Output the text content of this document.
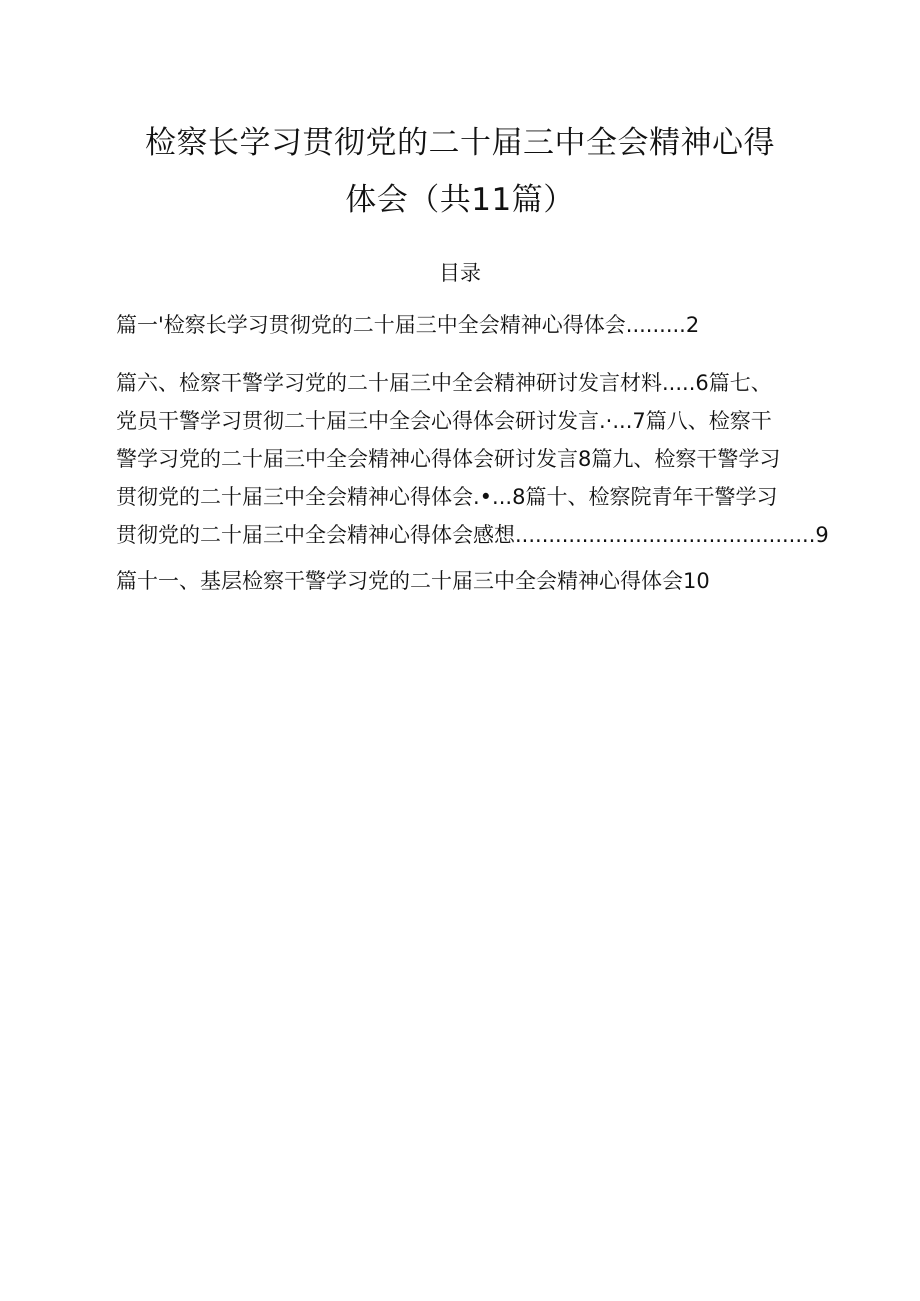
检察长学习贯彻党的二十届三中全会精神心得
体会（共11篇）
目录
篇一'检察长学习贯彻党的二十届三中全会精神心得体会.........2
篇六、检察干警学习党的二十届三中全会精神研讨发言材料.....6篇七、
党员干警学习贯彻二十届三中全会心得体会研讨发言.·...7篇八、检察干
警学习党的二十届三中全会精神心得体会研讨发言8篇九、检察干警学习
贯彻党的二十届三中全会精神心得体会.•...8篇十、检察院青年干警学习
贯彻党的二十届三中全会精神心得体会感想.............................................9
篇十一、基层检察干警学习党的二十届三中全会精神心得体会10
